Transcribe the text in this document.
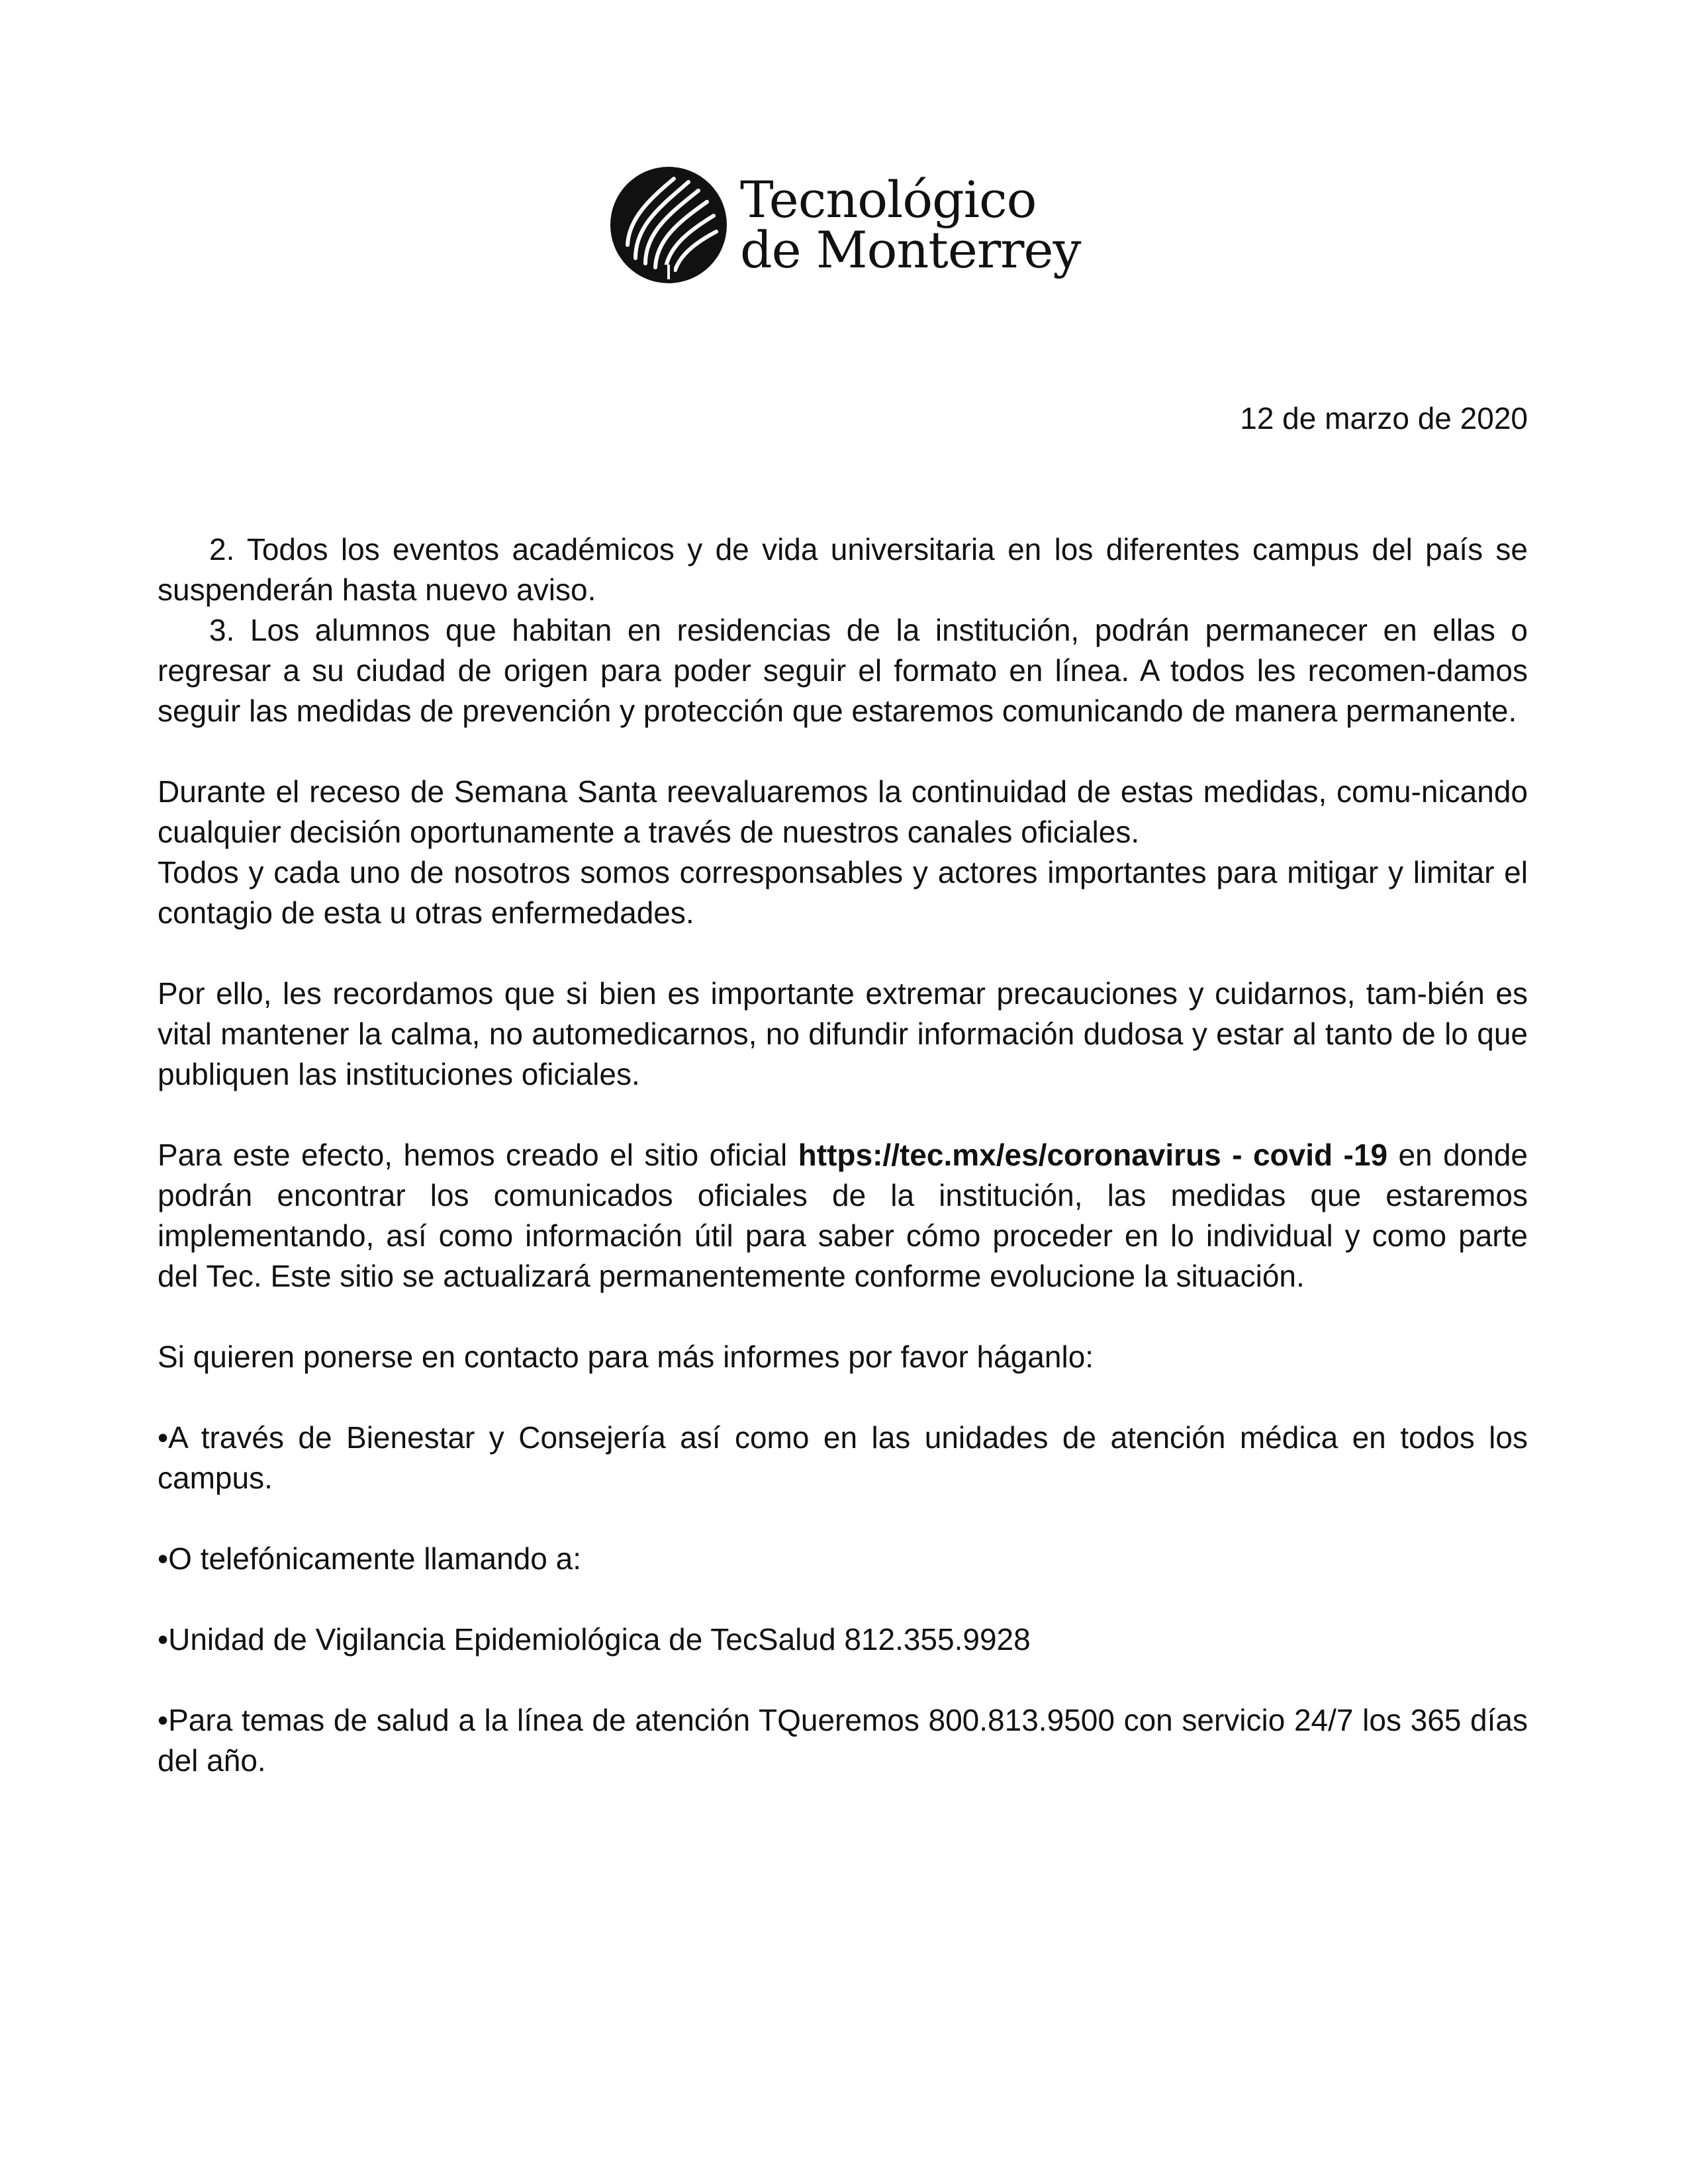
Tecnológico
de Monterrey
12 de marzo de 2020

2. Todos los eventos académicos y de vida universitaria en los diferentes campus del país se suspenderán hasta nuevo aviso.

3. Los alumnos que habitan en residencias de la institución, podrán permanecer en ellas o regresar a su ciudad de origen para poder seguir el formato en línea. A todos les recomen-damos seguir las medidas de prevención y protección que estaremos comunicando de manera permanente.

Durante el receso de Semana Santa reevaluaremos la continuidad de estas medidas, comu-nicando cualquier decisión oportunamente a través de nuestros canales oficiales.

Todos y cada uno de nosotros somos corresponsables y actores importantes para mitigar y limitar el contagio de esta u otras enfermedades.

Por ello, les recordamos que si bien es importante extremar precauciones y cuidarnos, tam-bién es vital mantener la calma, no automedicarnos, no difundir información dudosa y estar al tanto de lo que publiquen las instituciones oficiales.

Para este efecto, hemos creado el sitio oficial https://tec.mx/es/coronavirus - covid -19 en donde podrán encontrar los comunicados oficiales de la institución, las medidas que estaremos implementando, así como información útil para saber cómo proceder en lo individual y como parte del Tec. Este sitio se actualizará permanentemente conforme evolucione la situación.

Si quieren ponerse en contacto para más informes por favor háganlo:

•A través de Bienestar y Consejería así como en las unidades de atención médica en todos los campus.

•O telefónicamente llamando a:

•Unidad de Vigilancia Epidemiológica de TecSalud 812.355.9928

•Para temas de salud a la línea de atención TQueremos 800.813.9500 con servicio 24/7 los 365 días del año.
